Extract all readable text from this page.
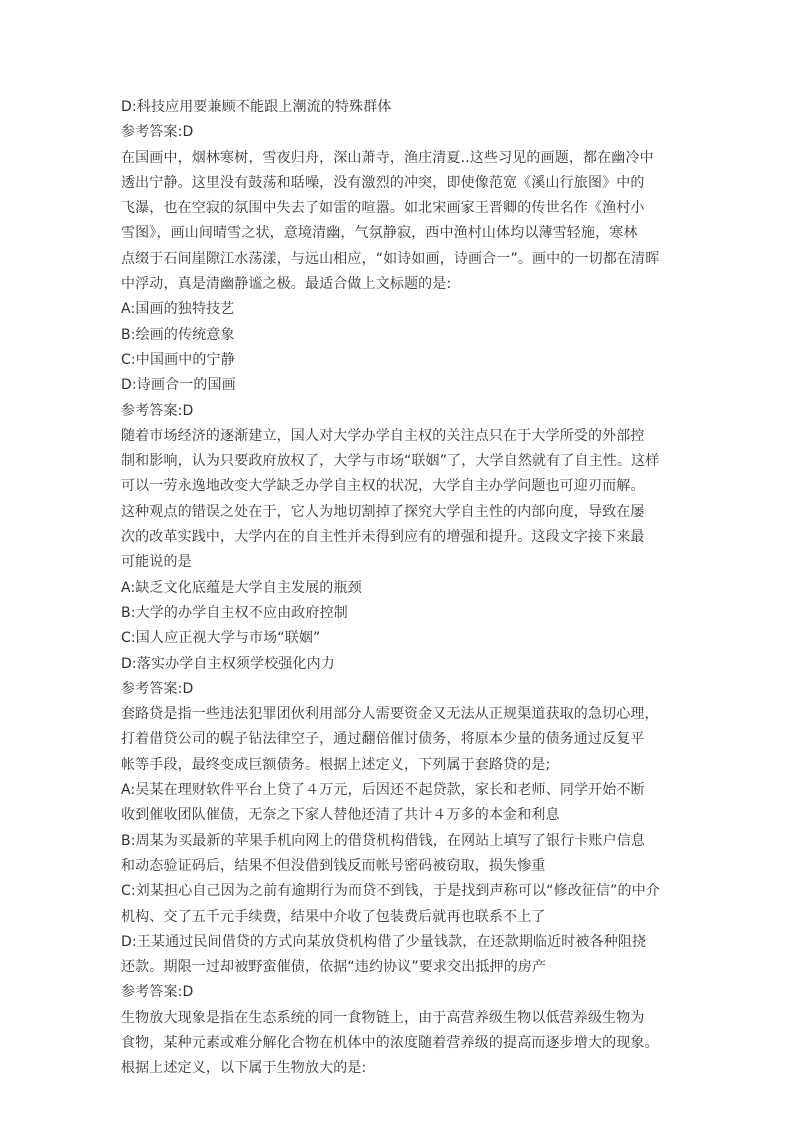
D:科技应用要兼顾不能跟上潮流的特殊群体

参考答案:D

在国画中，烟林寒树，雪夜归舟，深山萧寺，渔庄清夏..这些习见的画题，都在幽冷中

透出宁静。这里没有鼓荡和聒噪，没有激烈的冲突，即使像范宽《溪山行旅图》中的

飞瀑，也在空寂的氛围中失去了如雷的喧嚣。如北宋画家王晋卿的传世名作《渔村小

雪图》，画山间晴雪之状，意境清幽，气氛静寂，西中渔村山体均以薄雪轻施，寒林

点缀于石间崖隙江水荡漾，与远山相应，“如诗如画，诗画合一”。画中的一切都在清晖

中浮动，真是清幽静谧之极。最适合做上文标题的是:

A:国画的独特技艺

B:绘画的传统意象

C:中国画中的宁静

D:诗画合一的国画

参考答案:D

随着市场经济的逐渐建立，国人对大学办学自主权的关注点只在于大学所受的外部控

制和影响，认为只要政府放权了，大学与市场“联姻”了，大学自然就有了自主性。这样

可以一劳永逸地改变大学缺乏办学自主权的状况，大学自主办学问题也可迎刃而解。

这种观点的错误之处在于，它人为地切割掉了探究大学自主性的内部向度，导致在屡

次的改革实践中，大学内在的自主性并未得到应有的增强和提升。这段文字接下来最

可能说的是

A:缺乏文化底蕴是大学自主发展的瓶颈

B:大学的办学自主权不应由政府控制

C:国人应正视大学与市场“联姻”

D:落实办学自主权须学校强化内力

参考答案:D

套路贷是指一些违法犯罪团伙利用部分人需要资金又无法从正规渠道获取的急切心理，

打着借贷公司的幌子钻法律空子，通过翻倍催讨债务，将原本少量的债务通过反复平

帐等手段，最终变成巨额债务。根据上述定义，下列属于套路贷的是;

A:吴某在理财软件平台上贷了４万元，后因还不起贷款，家长和老师、同学开始不断

收到催收团队催债，无奈之下家人替他还清了共计４万多的本金和利息

B:周某为买最新的苹果手机向网上的借贷机构借钱，在网站上填写了银行卡账户信息

和动态验证码后，结果不但没借到钱反而帐号密码被窃取，损失惨重

C:刘某担心自己因为之前有逾期行为而贷不到钱，于是找到声称可以“修改征信”的中介

机构、交了五千元手续费，结果中介收了包装费后就再也联系不上了

D:王某通过民间借贷的方式向某放贷机构借了少量钱款，在还款期临近时被各种阻挠

还款。期限一过却被野蛮催债，依据“违约协议”要求交出抵押的房产

参考答案:D

生物放大现象是指在生态系统的同一食物链上，由于高营养级生物以低营养级生物为

食物，某种元素或难分解化合物在机体中的浓度随着营养级的提高而逐步增大的现象。

根据上述定义，以下属于生物放大的是:
